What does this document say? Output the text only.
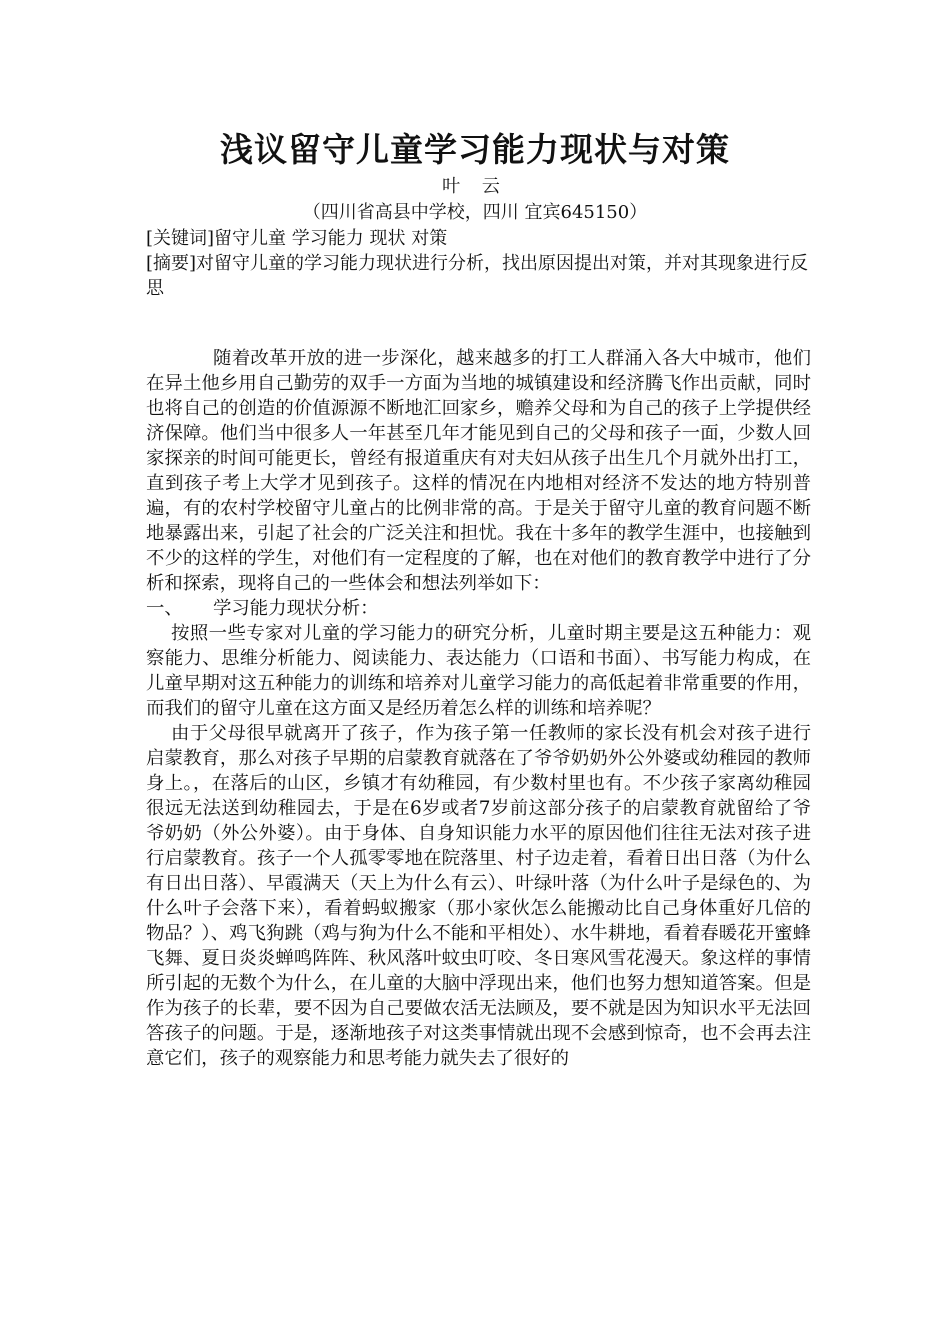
浅议留守儿童学习能力现状与对策
叶 云
（四川省高县中学校，四川 宜宾645150）
[关键词]留守儿童 学习能力 现状 对策
[摘要]对留守儿童的学习能力现状进行分析，找出原因提出对策，并对其现象进行反思

随着改革开放的进一步深化，越来越多的打工人群涌入各大中城市，他们在异土他乡用自己勤劳的双手一方面为当地的城镇建设和经济腾飞作出贡献，同时也将自己的创造的价值源源不断地汇回家乡，赡养父母和为自己的孩子上学提供经济保障。他们当中很多人一年甚至几年才能见到自己的父母和孩子一面，少数人回家探亲的时间可能更长，曾经有报道重庆有对夫妇从孩子出生几个月就外出打工，直到孩子考上大学才见到孩子。这样的情况在内地相对经济不发达的地方特别普遍，有的农村学校留守儿童占的比例非常的高。于是关于留守儿童的教育问题不断地暴露出来，引起了社会的广泛关注和担忧。我在十多年的教学生涯中，也接触到不少的这样的学生，对他们有一定程度的了解，也在对他们的教育教学中进行了分析和探索，现将自己的一些体会和想法列举如下：

一、	学习能力现状分析：

按照一些专家对儿童的学习能力的研究分析，儿童时期主要是这五种能力：观察能力、思维分析能力、阅读能力、表达能力（口语和书面）、书写能力构成，在儿童早期对这五种能力的训练和培养对儿童学习能力的高低起着非常重要的作用，而我们的留守儿童在这方面又是经历着怎么样的训练和培养呢？

由于父母很早就离开了孩子，作为孩子第一任教师的家长没有机会对孩子进行启蒙教育，那么对孩子早期的启蒙教育就落在了爷爷奶奶外公外婆或幼稚园的教师身上。，在落后的山区，乡镇才有幼稚园，有少数村里也有。不少孩子家离幼稚园很远无法送到幼稚园去，于是在6岁或者7岁前这部分孩子的启蒙教育就留给了爷爷奶奶（外公外婆）。由于身体、自身知识能力水平的原因他们往往无法对孩子进行启蒙教育。孩子一个人孤零零地在院落里、村子边走着，看着日出日落（为什么有日出日落）、早霞满天（天上为什么有云）、叶绿叶落（为什么叶子是绿色的、为什么叶子会落下来），看着蚂蚁搬家（那小家伙怎么能搬动比自己身体重好几倍的物品？）、鸡飞狗跳（鸡与狗为什么不能和平相处）、水牛耕地，看着春暖花开蜜蜂飞舞、夏日炎炎蝉鸣阵阵、秋风落叶蚊虫叮咬、冬日寒风雪花漫天。象这样的事情所引起的无数个为什么，在儿童的大脑中浮现出来，他们也努力想知道答案。但是作为孩子的长辈，要不因为自己要做农活无法顾及，要不就是因为知识水平无法回答孩子的问题。于是，逐渐地孩子对这类事情就出现不会感到惊奇，也不会再去注意它们，孩子的观察能力和思考能力就失去了很好的
